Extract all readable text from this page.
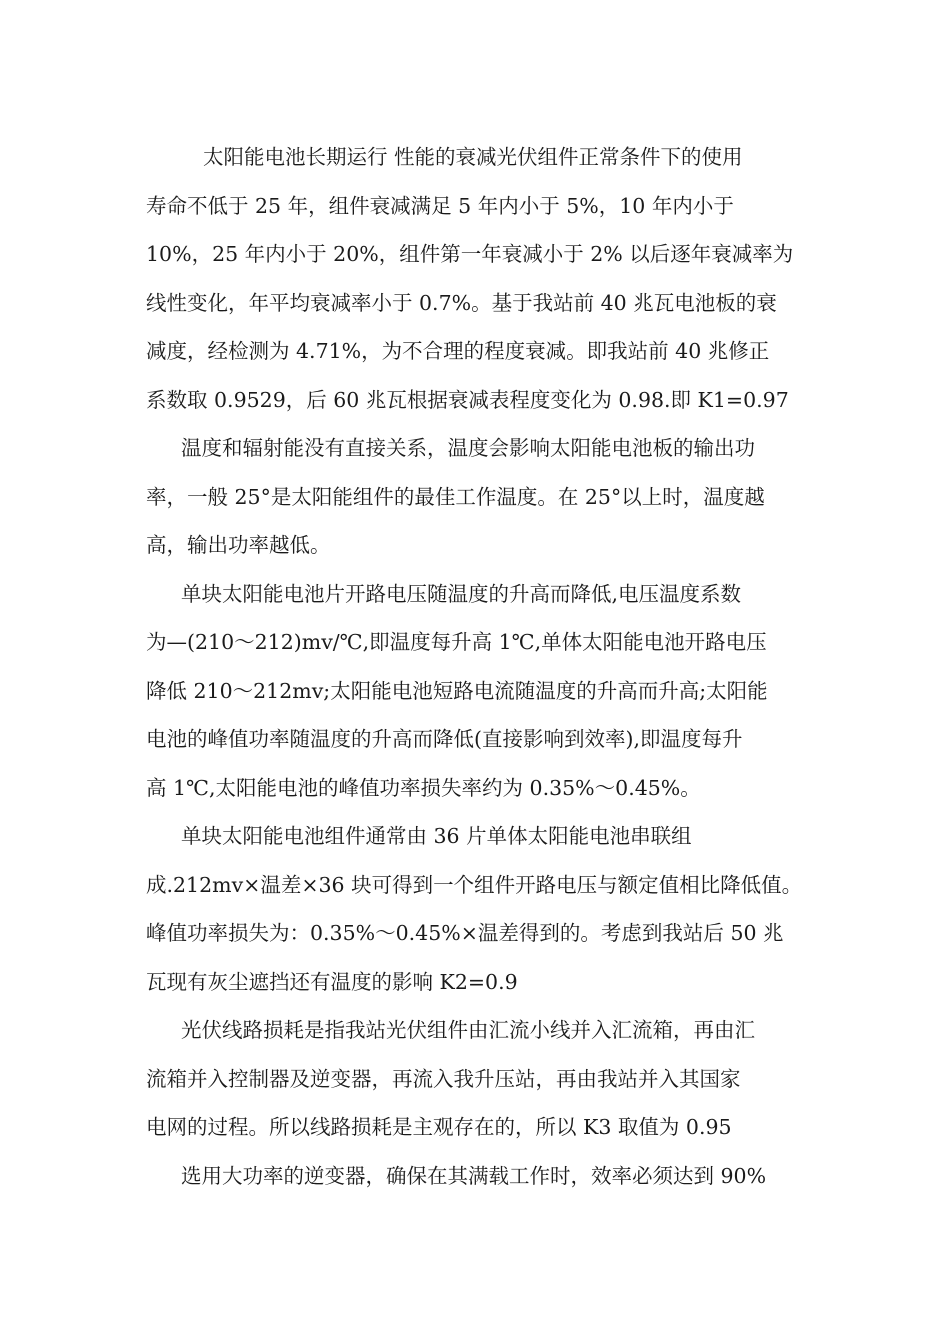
太阳能电池长期运行 性能的衰减光伏组件正常条件下的使用
寿命不低于 25 年，组件衰减满足 5 年内小于 5%，10 年内小于
10%，25 年内小于 20%，组件第一年衰减小于 2% 以后逐年衰减率为
线性变化，年平均衰减率小于 0.7%。基于我站前 40 兆瓦电池板的衰
减度，经检测为 4.71%，为不合理的程度衰减。即我站前 40 兆修正
系数取 0.9529，后 60 兆瓦根据衰减表程度变化为 0.98.即 K1=0.97
温度和辐射能没有直接关系，温度会影响太阳能电池板的输出功
率，一般 25°是太阳能组件的最佳工作温度。在 25°以上时，温度越
高，输出功率越低。
单块太阳能电池片开路电压随温度的升高而降低,电压温度系数
为—(210～212)mv/℃,即温度每升高 1℃,单体太阳能电池开路电压
降低 210～212mv;太阳能电池短路电流随温度的升高而升高;太阳能
电池的峰值功率随温度的升高而降低(直接影响到效率),即温度每升
高 1℃,太阳能电池的峰值功率损失率约为 0.35%～0.45%。
单块太阳能电池组件通常由 36 片单体太阳能电池串联组
成.212mv×温差×36 块可得到一个组件开路电压与额定值相比降低值。
峰值功率损失为：0.35%～0.45%×温差得到的。考虑到我站后 50 兆
瓦现有灰尘遮挡还有温度的影响 K2=0.9
光伏线路损耗是指我站光伏组件由汇流小线并入汇流箱，再由汇
流箱并入控制器及逆变器，再流入我升压站，再由我站并入其国家
电网的过程。所以线路损耗是主观存在的，所以 K3 取值为 0.95
选用大功率的逆变器，确保在其满载工作时，效率必须达到 90%
